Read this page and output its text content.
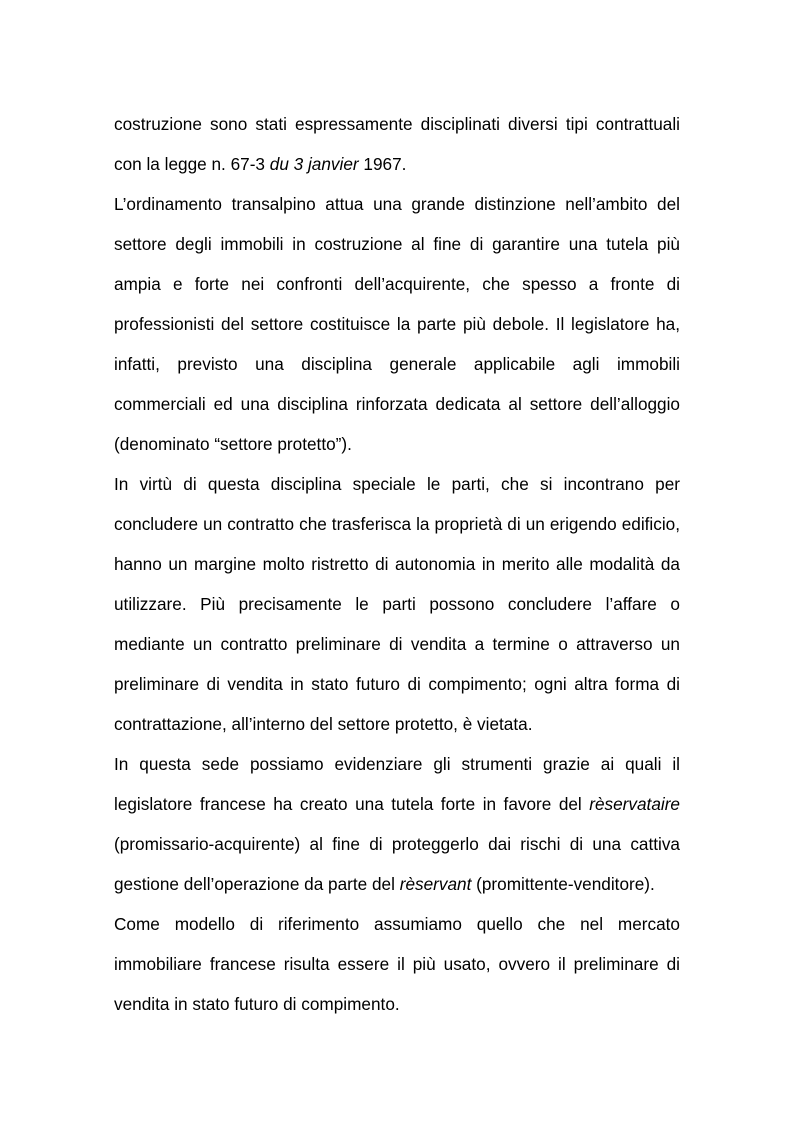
costruzione sono stati espressamente disciplinati diversi tipi contrattuali con la legge n. 67-3 du 3 janvier 1967.

L’ordinamento transalpino attua una grande distinzione nell’ambito del settore degli immobili in costruzione al fine di garantire una tutela più ampia e forte nei confronti dell’acquirente, che spesso a fronte di professionisti del settore costituisce la parte più debole. Il legislatore ha, infatti, previsto una disciplina generale applicabile agli immobili commerciali ed una disciplina rinforzata dedicata al settore dell’alloggio (denominato “settore protetto”).

In virtù di questa disciplina speciale le parti, che si incontrano per concludere un contratto che trasferisca la proprietà di un erigendo edificio, hanno un margine molto ristretto di autonomia in merito alle modalità da utilizzare. Più precisamente le parti possono concludere l’affare o mediante un contratto preliminare di vendita a termine o attraverso un preliminare di vendita in stato futuro di compimento; ogni altra forma di contrattazione, all’interno del settore protetto, è vietata.

In questa sede possiamo evidenziare gli strumenti grazie ai quali il legislatore francese ha creato una tutela forte in favore del rèservataire (promissario-acquirente) al fine di proteggerlo dai rischi di una cattiva gestione dell’operazione da parte del rèservant (promittente-venditore).

Come modello di riferimento assumiamo quello che nel mercato immobiliare francese risulta essere il più usato, ovvero il preliminare di vendita in stato futuro di compimento.
